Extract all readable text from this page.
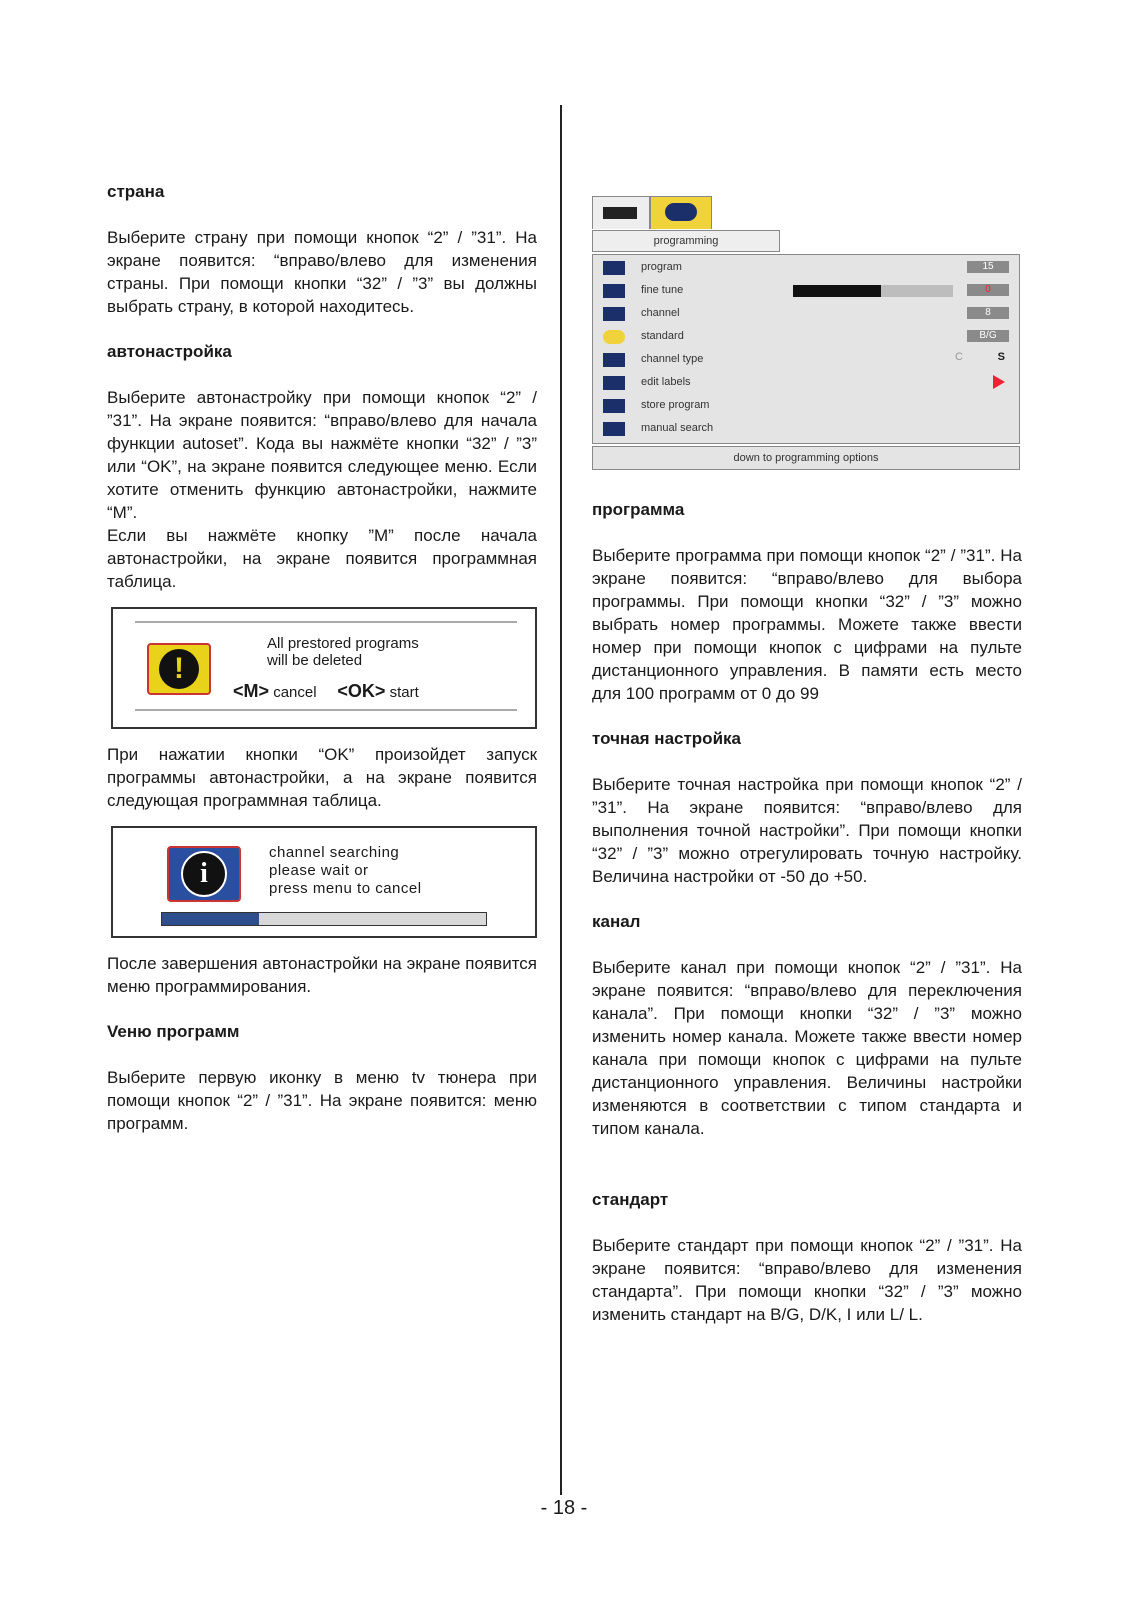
страна

Выберите страну при помощи кнопок “2” / ”31”. На экране появится: “вправо/влево для изменения страны. При помощи кнопки “32” / ”3” вы должны выбрать страну, в которой находитесь.

автонастройка

Выберите автонастройку при помощи кнопок “2” / ”31”. На экране появится: “вправо/влево для начала функции autoset”. Кода вы нажмёте кнопки “32” / ”3” или “OK”, на экране появится следующее меню. Если хотите отменить функцию автонастройки, нажмите “M”.

Если вы нажмёте кнопку ”M” после начала автонастройки, на экране появится программная таблица.

!
All prestored programs
will be deleted
<M> cancel <OK> start

При нажатии кнопки “OK” произойдет запуск программы автонастройки, а на экране появится следующая программная таблица.

i
channel searching
please wait or
press menu to cancel

После завершения автонастройки на экране появится меню программирования.

Veню программ

Выберите первую иконку в меню tv тюнера при помощи кнопок “2” / ”31”. На экране появится: меню программ.

programming
program	15
fine tune	0
channel	8
standard	B/G
channel type	C	S
edit labels
store program
manual search
down to programming options
программа

Выберите программа при помощи кнопок “2” / ”31”. На экране появится: “вправо/влево для выбора программы. При помощи кнопки “32” / ”3” можно выбрать номер программы. Можете также ввести номер при помощи кнопок с цифрами на пульте дистанционного управления. В памяти есть место для 100 программ от 0 до 99

точная настройка

Выберите точная настройка при помощи кнопок “2” / ”31”. На экране появится: “вправо/влево для выполнения точной настройки”. При помощи кнопки “32” / ”3” можно отрегулировать точную настройку. Величина настройки от -50 до +50.

канал

Выберите канал при помощи кнопок “2” / ”31”. На экране появится: “вправо/влево для переключения канала”. При помощи кнопки “32” / ”3” можно изменить номер канала. Можете также ввести номер канала при помощи кнопок с цифрами на пульте дистанционного управления. Величины настройки изменяются в соответствии с типом стандарта и типом канала.

стандарт

Выберите стандарт при помощи кнопок “2” / ”31”. На экране появится: “вправо/влево для изменения стандарта”. При помощи кнопки “32” / ”3” можно изменить стандарт на B/G, D/K, I или L/ L.

- 18 -
